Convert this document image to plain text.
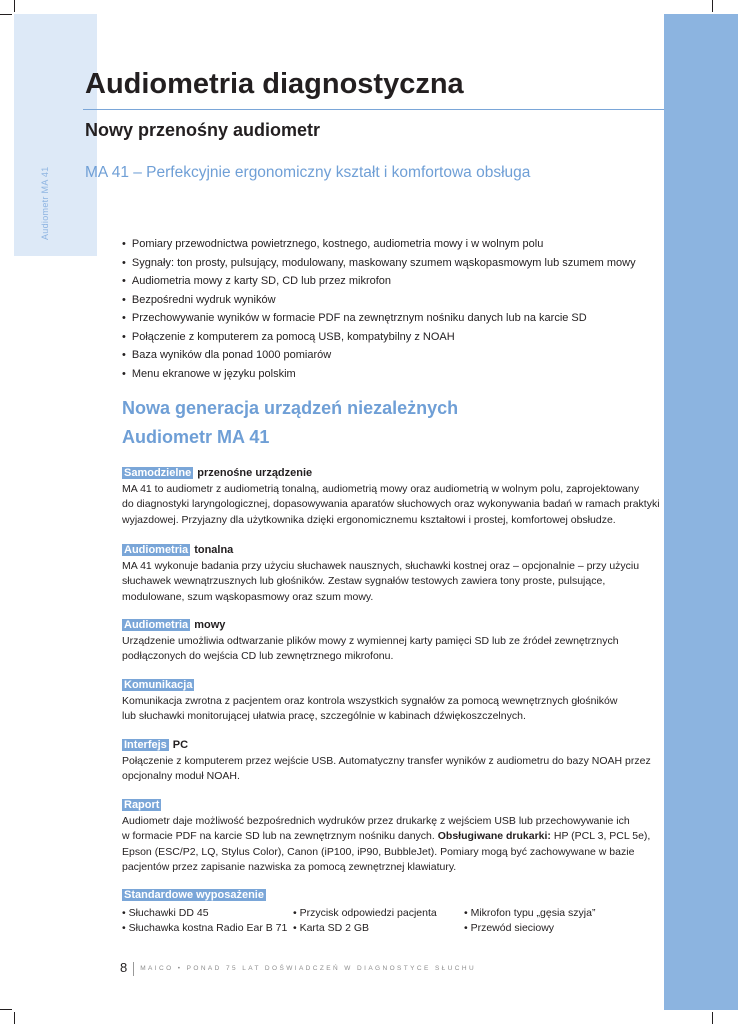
Audiometr MA 41
Audiometria diagnostyczna
Nowy przenośny audiometr
MA 41 – Perfekcyjnie ergonomiczny kształt i komfortowa obsługa
• Pomiary przewodnictwa powietrznego, kostnego, audiometria mowy i w wolnym polu
• Sygnały: ton prosty, pulsujący, modulowany, maskowany szumem wąskopasmowym lub szumem mowy
• Audiometria mowy z karty SD, CD lub przez mikrofon
• Bezpośredni wydruk wyników
• Przechowywanie wyników w formacie PDF na zewnętrznym nośniku danych lub na karcie SD
• Połączenie z komputerem za pomocą USB, kompatybilny z NOAH
• Baza wyników dla ponad 1000 pomiarów
• Menu ekranowe w języku polskim
Nowa generacja urządzeń niezależnych
Audiometr MA 41
Samodzielne przenośne urządzenie

MA 41 to audiometr z audiometrią tonalną, audiometrią mowy oraz audiometrią w wolnym polu, zaprojektowany

do diagnostyki laryngologicznej, dopasowywania aparatów słuchowych oraz wykonywania badań w ramach praktyki

wyjazdowej. Przyjazny dla użytkownika dzięki ergonomicznemu kształtowi i prostej, komfortowej obsłudze.

Audiometria tonalna

MA 41 wykonuje badania przy użyciu słuchawek nausznych, słuchawki kostnej oraz – opcjonalnie – przy użyciu

słuchawek wewnątrzusznych lub głośników. Zestaw sygnałów testowych zawiera tony proste, pulsujące,

modulowane, szum wąskopasmowy oraz szum mowy.

Audiometria mowy

Urządzenie umożliwia odtwarzanie plików mowy z wymiennej karty pamięci SD lub ze źródeł zewnętrznych

podłączonych do wejścia CD lub zewnętrznego mikrofonu.

Komunikacja

Komunikacja zwrotna z pacjentem oraz kontrola wszystkich sygnałów za pomocą wewnętrznych głośników

lub słuchawki monitorującej ułatwia pracę, szczególnie w kabinach dźwiękoszczelnych.

Interfejs PC

Połączenie z komputerem przez wejście USB. Automatyczny transfer wyników z audiometru do bazy NOAH przez

opcjonalny moduł NOAH.

Raport

Audiometr daje możliwość bezpośrednich wydruków przez drukarkę z wejściem USB lub przechowywanie ich

w formacie PDF na karcie SD lub na zewnętrznym nośniku danych. Obsługiwane drukarki: HP (PCL 3, PCL 5e),

Epson (ESC/P2, LQ, Stylus Color), Canon (iP100, iP90, BubbleJet). Pomiary mogą być zachowywane w bazie

pacjentów przez zapisanie nazwiska za pomocą zewnętrznej klawiatury.

Standardowe wyposażenie
• Słuchawki DD 45
• Słuchawka kostna Radio Ear B 71
• Przycisk odpowiedzi pacjenta
• Karta SD 2 GB
• Mikrofon typu „gęsia szyja”
• Przewód sieciowy
8 MAICO • PONAD 75 LAT DOŚWIADCZEŃ W DIAGNOSTYCE SŁUCHU
